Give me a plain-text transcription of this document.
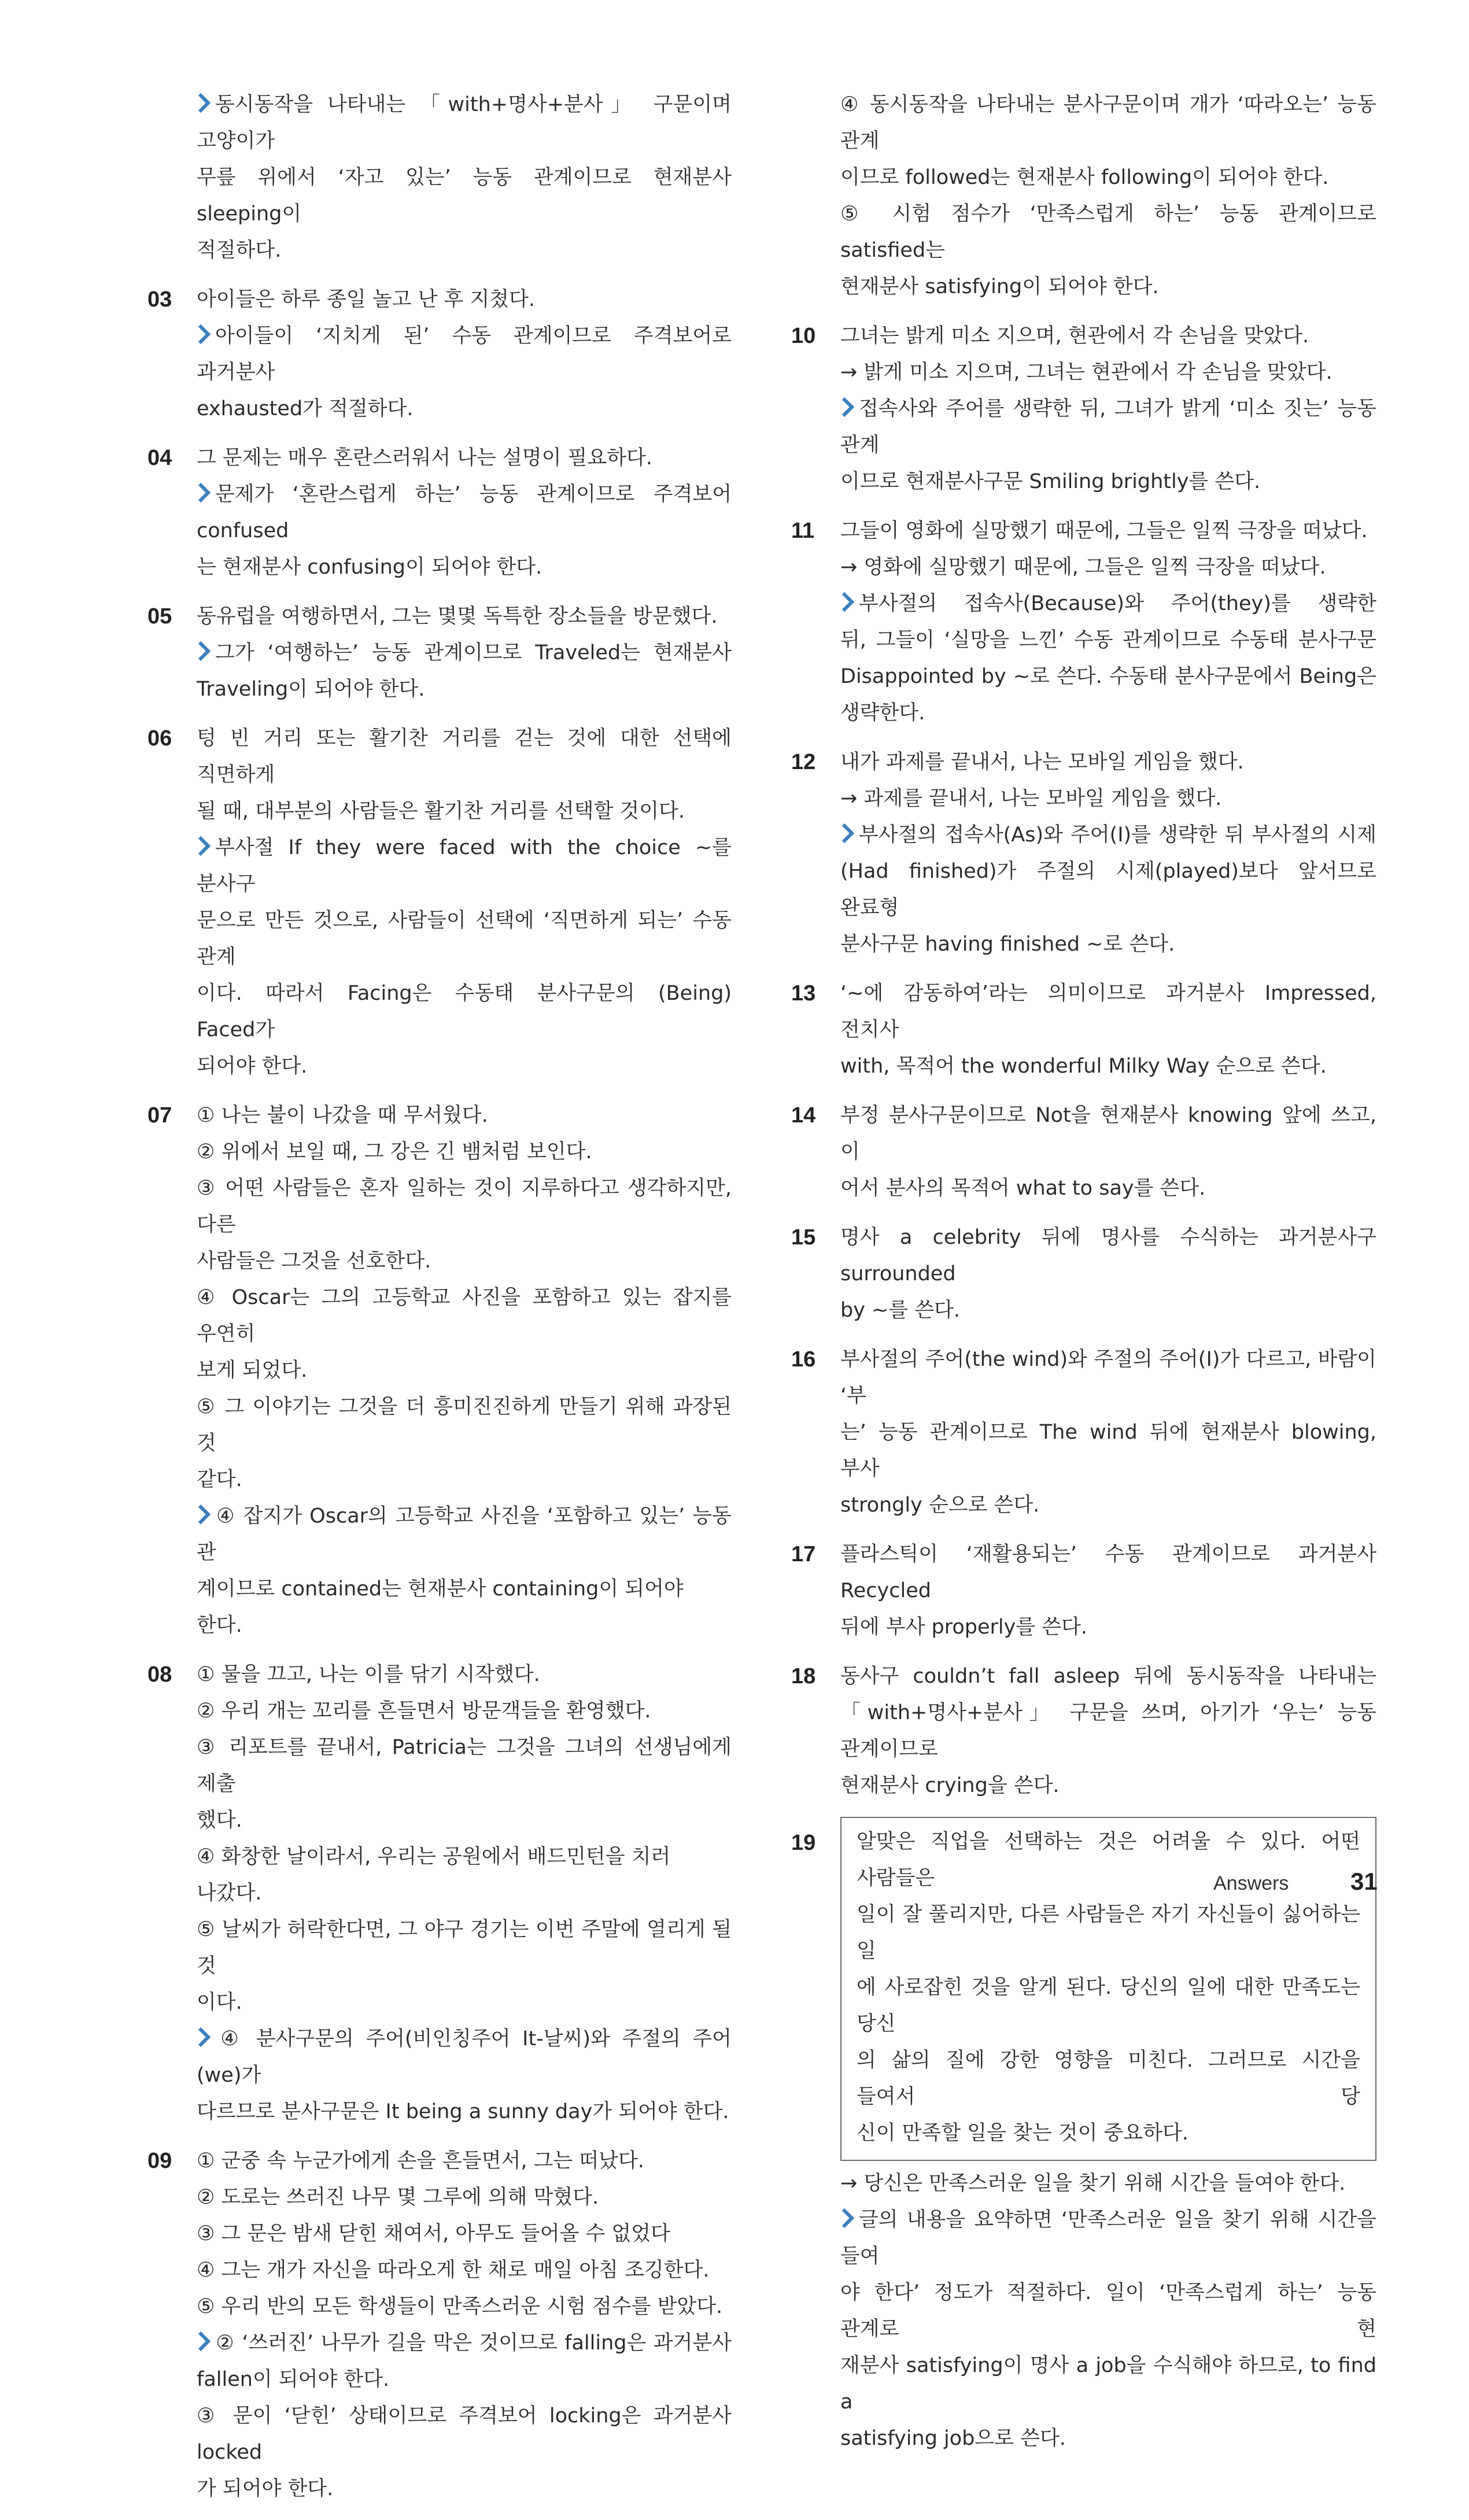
동시동작을 나타내는 「with+명사+분사」 구문이며 고양이가

무릎 위에서 ‘자고 있는’ 능동 관계이므로 현재분사 sleeping이

적절하다.

03 아이들은 하루 종일 놀고 난 후 지쳤다.

아이들이 ‘지치게 된’ 수동 관계이므로 주격보어로 과거분사

exhausted가 적절하다.

04 그 문제는 매우 혼란스러워서 나는 설명이 필요하다.

문제가 ‘혼란스럽게 하는’ 능동 관계이므로 주격보어 confused

는 현재분사 confusing이 되어야 한다.

05 동유럽을 여행하면서, 그는 몇몇 독특한 장소들을 방문했다.

그가 ‘여행하는’ 능동 관계이므로 Traveled는 현재분사

Traveling이 되어야 한다.

06 텅 빈 거리 또는 활기찬 거리를 걷는 것에 대한 선택에 직면하게

될 때, 대부분의 사람들은 활기찬 거리를 선택할 것이다.

부사절 If they were faced with the choice ~를 분사구

문으로 만든 것으로, 사람들이 선택에 ‘직면하게 되는’ 수동 관계

이다. 따라서 Facing은 수동태 분사구문의 (Being) Faced가

되어야 한다.

07 ① 나는 불이 나갔을 때 무서웠다.

② 위에서 보일 때, 그 강은 긴 뱀처럼 보인다.

③ 어떤 사람들은 혼자 일하는 것이 지루하다고 생각하지만, 다른

사람들은 그것을 선호한다.

④ Oscar는 그의 고등학교 사진을 포함하고 있는 잡지를 우연히

보게 되었다.

⑤ 그 이야기는 그것을 더 흥미진진하게 만들기 위해 과장된 것

같다.

④ 잡지가 Oscar의 고등학교 사진을 ‘포함하고 있는’ 능동 관

계이므로 contained는 현재분사 containing이 되어야 한다.

08 ① 물을 끄고, 나는 이를 닦기 시작했다.

② 우리 개는 꼬리를 흔들면서 방문객들을 환영했다.

③ 리포트를 끝내서, Patricia는 그것을 그녀의 선생님에게 제출

했다.

④ 화창한 날이라서, 우리는 공원에서 배드민턴을 치러 나갔다.

⑤ 날씨가 허락한다면, 그 야구 경기는 이번 주말에 열리게 될 것

이다.

④ 분사구문의 주어(비인칭주어 It-날씨)와 주절의 주어(we)가

다르므로 분사구문은 It being a sunny day가 되어야 한다.

09 ① 군중 속 누군가에게 손을 흔들면서, 그는 떠났다.

② 도로는 쓰러진 나무 몇 그루에 의해 막혔다.

③ 그 문은 밤새 닫힌 채여서, 아무도 들어올 수 없었다

④ 그는 개가 자신을 따라오게 한 채로 매일 아침 조깅한다.

⑤ 우리 반의 모든 학생들이 만족스러운 시험 점수를 받았다.

② ‘쓰러진’ 나무가 길을 막은 것이므로 falling은 과거분사

fallen이 되어야 한다.

③ 문이 ‘닫힌’ 상태이므로 주격보어 locking은 과거분사 locked

가 되어야 한다.

④ 동시동작을 나타내는 분사구문이며 개가 ‘따라오는’ 능동 관계

이므로 followed는 현재분사 following이 되어야 한다.

⑤ 시험 점수가 ‘만족스럽게 하는’ 능동 관계이므로 satisfied는

현재분사 satisfying이 되어야 한다.

10 그녀는 밝게 미소 지으며, 현관에서 각 손님을 맞았다.

→ 밝게 미소 지으며, 그녀는 현관에서 각 손님을 맞았다.

접속사와 주어를 생략한 뒤, 그녀가 밝게 ‘미소 짓는’ 능동 관계

이므로 현재분사구문 Smiling brightly를 쓴다.

11 그들이 영화에 실망했기 때문에, 그들은 일찍 극장을 떠났다.

→ 영화에 실망했기 때문에, 그들은 일찍 극장을 떠났다.

부사절의 접속사(Because)와 주어(they)를 생략한

뒤, 그들이 ‘실망을 느낀’ 수동 관계이므로 수동태 분사구문

Disappointed by ~로 쓴다. 수동태 분사구문에서 Being은

생략한다.

12 내가 과제를 끝내서, 나는 모바일 게임을 했다.

→ 과제를 끝내서, 나는 모바일 게임을 했다.

부사절의 접속사(As)와 주어(I)를 생략한 뒤 부사절의 시제

(Had finished)가 주절의 시제(played)보다 앞서므로 완료형

분사구문 having finished ~로 쓴다.

13 ‘~에 감동하여’라는 의미이므로 과거분사 Impressed, 전치사

with, 목적어 the wonderful Milky Way 순으로 쓴다.

14 부정 분사구문이므로 Not을 현재분사 knowing 앞에 쓰고, 이

어서 분사의 목적어 what to say를 쓴다.

15 명사 a celebrity 뒤에 명사를 수식하는 과거분사구 surrounded

by ~를 쓴다.

16 부사절의 주어(the wind)와 주절의 주어(I)가 다르고, 바람이 ‘부

는’ 능동 관계이므로 The wind 뒤에 현재분사 blowing, 부사

strongly 순으로 쓴다.

17 플라스틱이 ‘재활용되는’ 수동 관계이므로 과거분사 Recycled

뒤에 부사 properly를 쓴다.

18 동사구 couldn’t fall asleep 뒤에 동시동작을 나타내는

「with+명사+분사」 구문을 쓰며, 아기가 ‘우는’ 능동 관계이므로

현재분사 crying을 쓴다.

19 알맞은 직업을 선택하는 것은 어려울 수 있다. 어떤 사람들은

일이 잘 풀리지만, 다른 사람들은 자기 자신들이 싫어하는 일

에 사로잡힌 것을 알게 된다. 당신의 일에 대한 만족도는 당신

의 삶의 질에 강한 영향을 미친다. 그러므로 시간을 들여서 당

신이 만족할 일을 찾는 것이 중요하다.

→ 당신은 만족스러운 일을 찾기 위해 시간을 들여야 한다.

글의 내용을 요약하면 ‘만족스러운 일을 찾기 위해 시간을 들여

야 한다’ 정도가 적절하다. 일이 ‘만족스럽게 하는’ 능동 관계로 현

재분사 satisfying이 명사 a job을 수식해야 하므로, to find a

satisfying job으로 쓴다.

Answers	31
